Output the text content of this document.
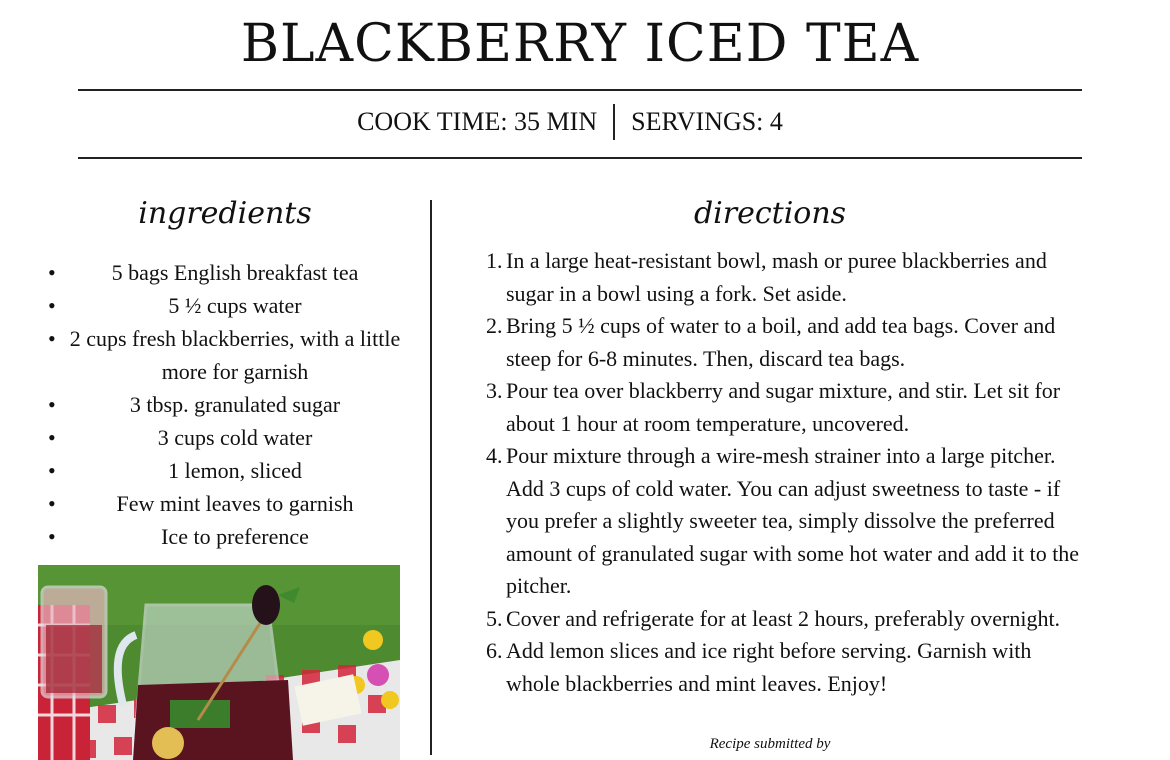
BLACKBERRY ICED TEA
COOK TIME: 35 MIN SERVINGS: 4
ingredients
•	5 bags English breakfast tea
•	5 ½ cups water
• 2 cups fresh blackberries, with a little more for garnish
•	3 tbsp. granulated sugar
•	3 cups cold water
•	1 lemon, sliced
•	Few mint leaves to garnish
•	Ice to preference
directions
1. In a large heat-resistant bowl, mash or puree blackberries and sugar in a bowl using a fork. Set aside.
2. Bring 5 ½ cups of water to a boil, and add tea bags. Cover and steep for 6-8 minutes. Then, discard tea bags.
3. Pour tea over blackberry and sugar mixture, and stir. Let sit for about 1 hour at room temperature, uncovered.
4. Pour mixture through a wire-mesh strainer into a large pitcher. Add 3 cups of cold water. You can adjust sweetness to taste - if you prefer a slightly sweeter tea, simply dissolve the preferred amount of granulated sugar with some hot water and add it to the pitcher.
5. Cover and refrigerate for at least 2 hours, preferably overnight.
6. Add lemon slices and ice right before serving. Garnish with whole blackberries and mint leaves. Enjoy!
Recipe submitted by
